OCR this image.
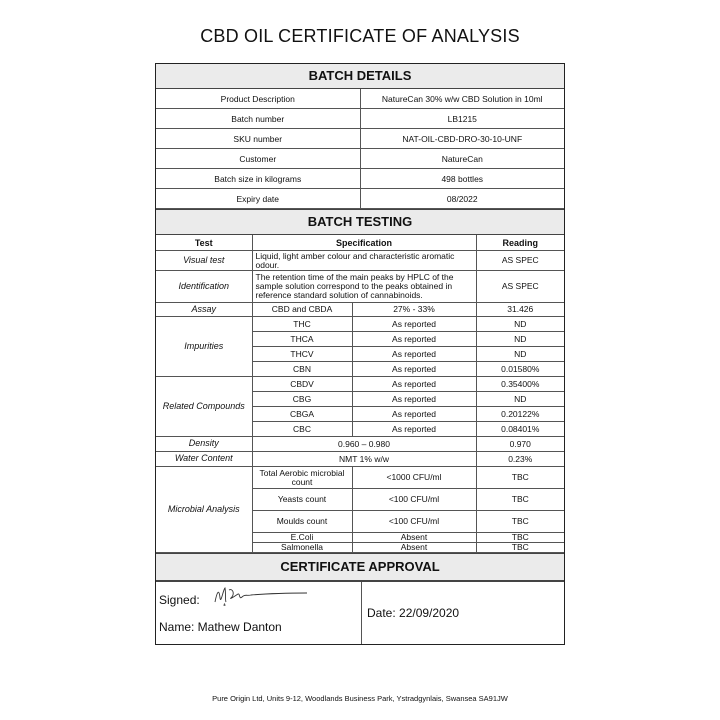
CBD OIL CERTIFICATE OF ANALYSIS
BATCH DETAILS
Product Description	NatureCan 30% w/w CBD Solution in 10ml
Batch number	LB1215
SKU number	NAT-OIL-CBD-DRO-30-10-UNF
Customer	NatureCan
Batch size in kilograms	498 bottles
Expiry date	08/2022
BATCH TESTING
Test	Specification		Reading
Visual test	Liquid, light amber colour and characteristic aromatic odour.		AS SPEC
Identification	The retention time of the main peaks by HPLC of the sample solution correspond to the peaks obtained in reference standard solution of cannabinoids.		AS SPEC
Assay	CBD and CBDA	27% - 33%	31.426
Impurities	THC	As reported	ND
	THCA	As reported	ND
	THCV	As reported	ND
	CBN	As reported	0.01580%
Related Compounds	CBDV	As reported	0.35400%
	CBG	As reported	ND
	CBGA	As reported	0.20122%
	CBC	As reported	0.08401%
Density	0.960 – 0.980		0.970
Water Content	NMT 1% w/w		0.23%
Microbial Analysis	Total Aerobic microbial count	<1000 CFU/ml	TBC
	Yeasts count	<100 CFU/ml	TBC
	Moulds count	<100 CFU/ml	TBC
	E.Coli	Absent	TBC
	Salmonella	Absent	TBC
CERTIFICATE APPROVAL
Signed:
Name: Mathew Danton
Date: 22/09/2020
Pure Origin Ltd, Units 9-12, Woodlands Business Park, Ystradgynlais, Swansea SA91JW
